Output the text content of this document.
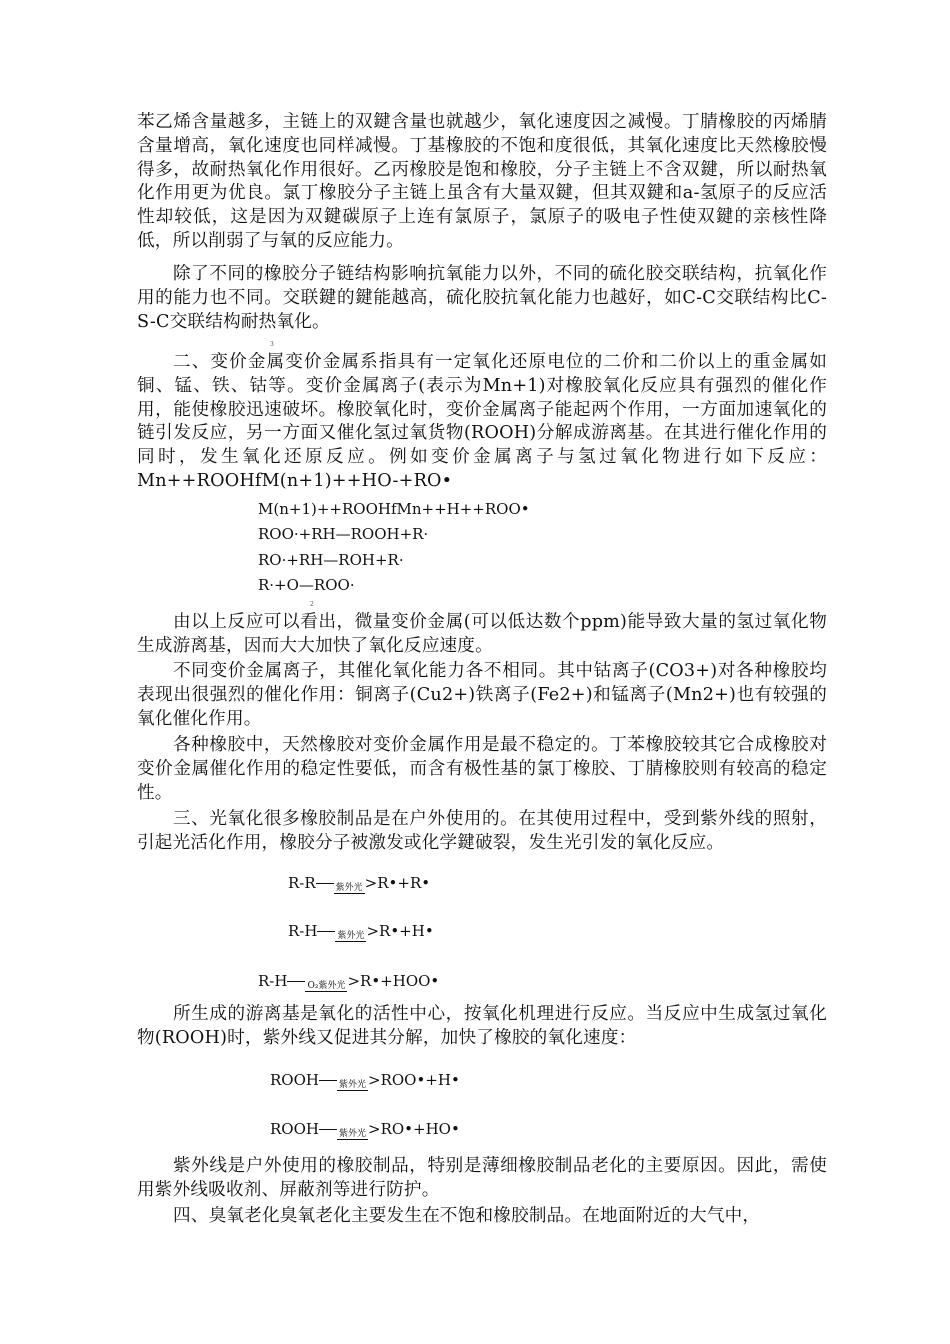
苯乙烯含量越多，主链上的双鍵含量也就越少，氧化速度因之减慢。丁腈橡胶的丙烯腈含量增高，氧化速度也同样减慢。丁基橡胶的不饱和度很低，其氧化速度比天然橡胶慢得多，故耐热氧化作用很好。乙丙橡胶是饱和橡胶，分子主链上不含双鍵，所以耐热氧化作用更为优良。氯丁橡胶分子主链上虽含有大量双鍵，但其双鍵和a-氢原子的反应活性却较低，这是因为双鍵碳原子上连有氯原子，氯原子的吸电子性使双鍵的亲核性降低，所以削弱了与氧的反应能力。

除了不同的橡胶分子链结构影响抗氧能力以外，不同的硫化胶交联结构，抗氧化作用的能力也不同。交联鍵的鍵能越高，硫化胶抗氧化能力也越好，如C-C交联结构比C-S-C交联结构耐热氧化。

3

二、变价金属变价金属系指具有一定氧化还原电位的二价和二价以上的重金属如铜、锰、铁、钴等。变价金属离子(表示为Mn+1)对橡胶氧化反应具有强烈的催化作用，能使橡胶迅速破坏。橡胶氧化时，变价金属离子能起两个作用，一方面加速氧化的链引发反应，另一方面又催化氢过氧货物(ROOH)分解成游离基。在其进行催化作用的同时，发生氧化还原反应。例如变价金属离子与氢过氧化物进行如下反应：Mn++ROOHfM(n+1)++HO-+RO•

M(n+1)++ROOHfMn++H++ROO•
ROO·+RH—ROOH+R·
RO·+RH—ROH+R·
R·+O—ROO·
2

由以上反应可以看出，微量变价金属(可以低达数个ppm)能导致大量的氢过氧化物生成游离基，因而大大加快了氧化反应速度。

不同变价金属离子，其催化氧化能力各不相同。其中钴离子(CO3+)对各种橡胶均表现出很强烈的催化作用：铜离子(Cu2+)铁离子(Fe2+)和锰离子(Mn2+)也有较强的氧化催化作用。

各种橡胶中，天然橡胶对变价金属作用是最不稳定的。丁苯橡胶较其它合成橡胶对变价金属催化作用的稳定性要低，而含有极性基的氯丁橡胶、丁腈橡胶则有较高的稳定性。

三、光氧化很多橡胶制品是在户外使用的。在其使用过程中，受到紫外线的照射，引起光活化作用，橡胶分子被激发或化学鍵破裂，发生光引发的氧化反应。

R-R 紫外光 >R•+R•
R-H 紫外光 >R•+H•
R-H O₂紫外光 >R•+HOO•

所生成的游离基是氧化的活性中心，按氧化机理进行反应。当反应中生成氢过氧化物(ROOH)时，紫外线又促进其分解，加快了橡胶的氧化速度：

ROOH 紫外光 >ROO•+H•
ROOH 紫外光 >RO•+HO•

紫外线是户外使用的橡胶制品，特别是薄细橡胶制品老化的主要原因。因此，需使用紫外线吸收剂、屏蔽剂等进行防护。

四、臭氧老化臭氧老化主要发生在不饱和橡胶制品。在地面附近的大气中，
